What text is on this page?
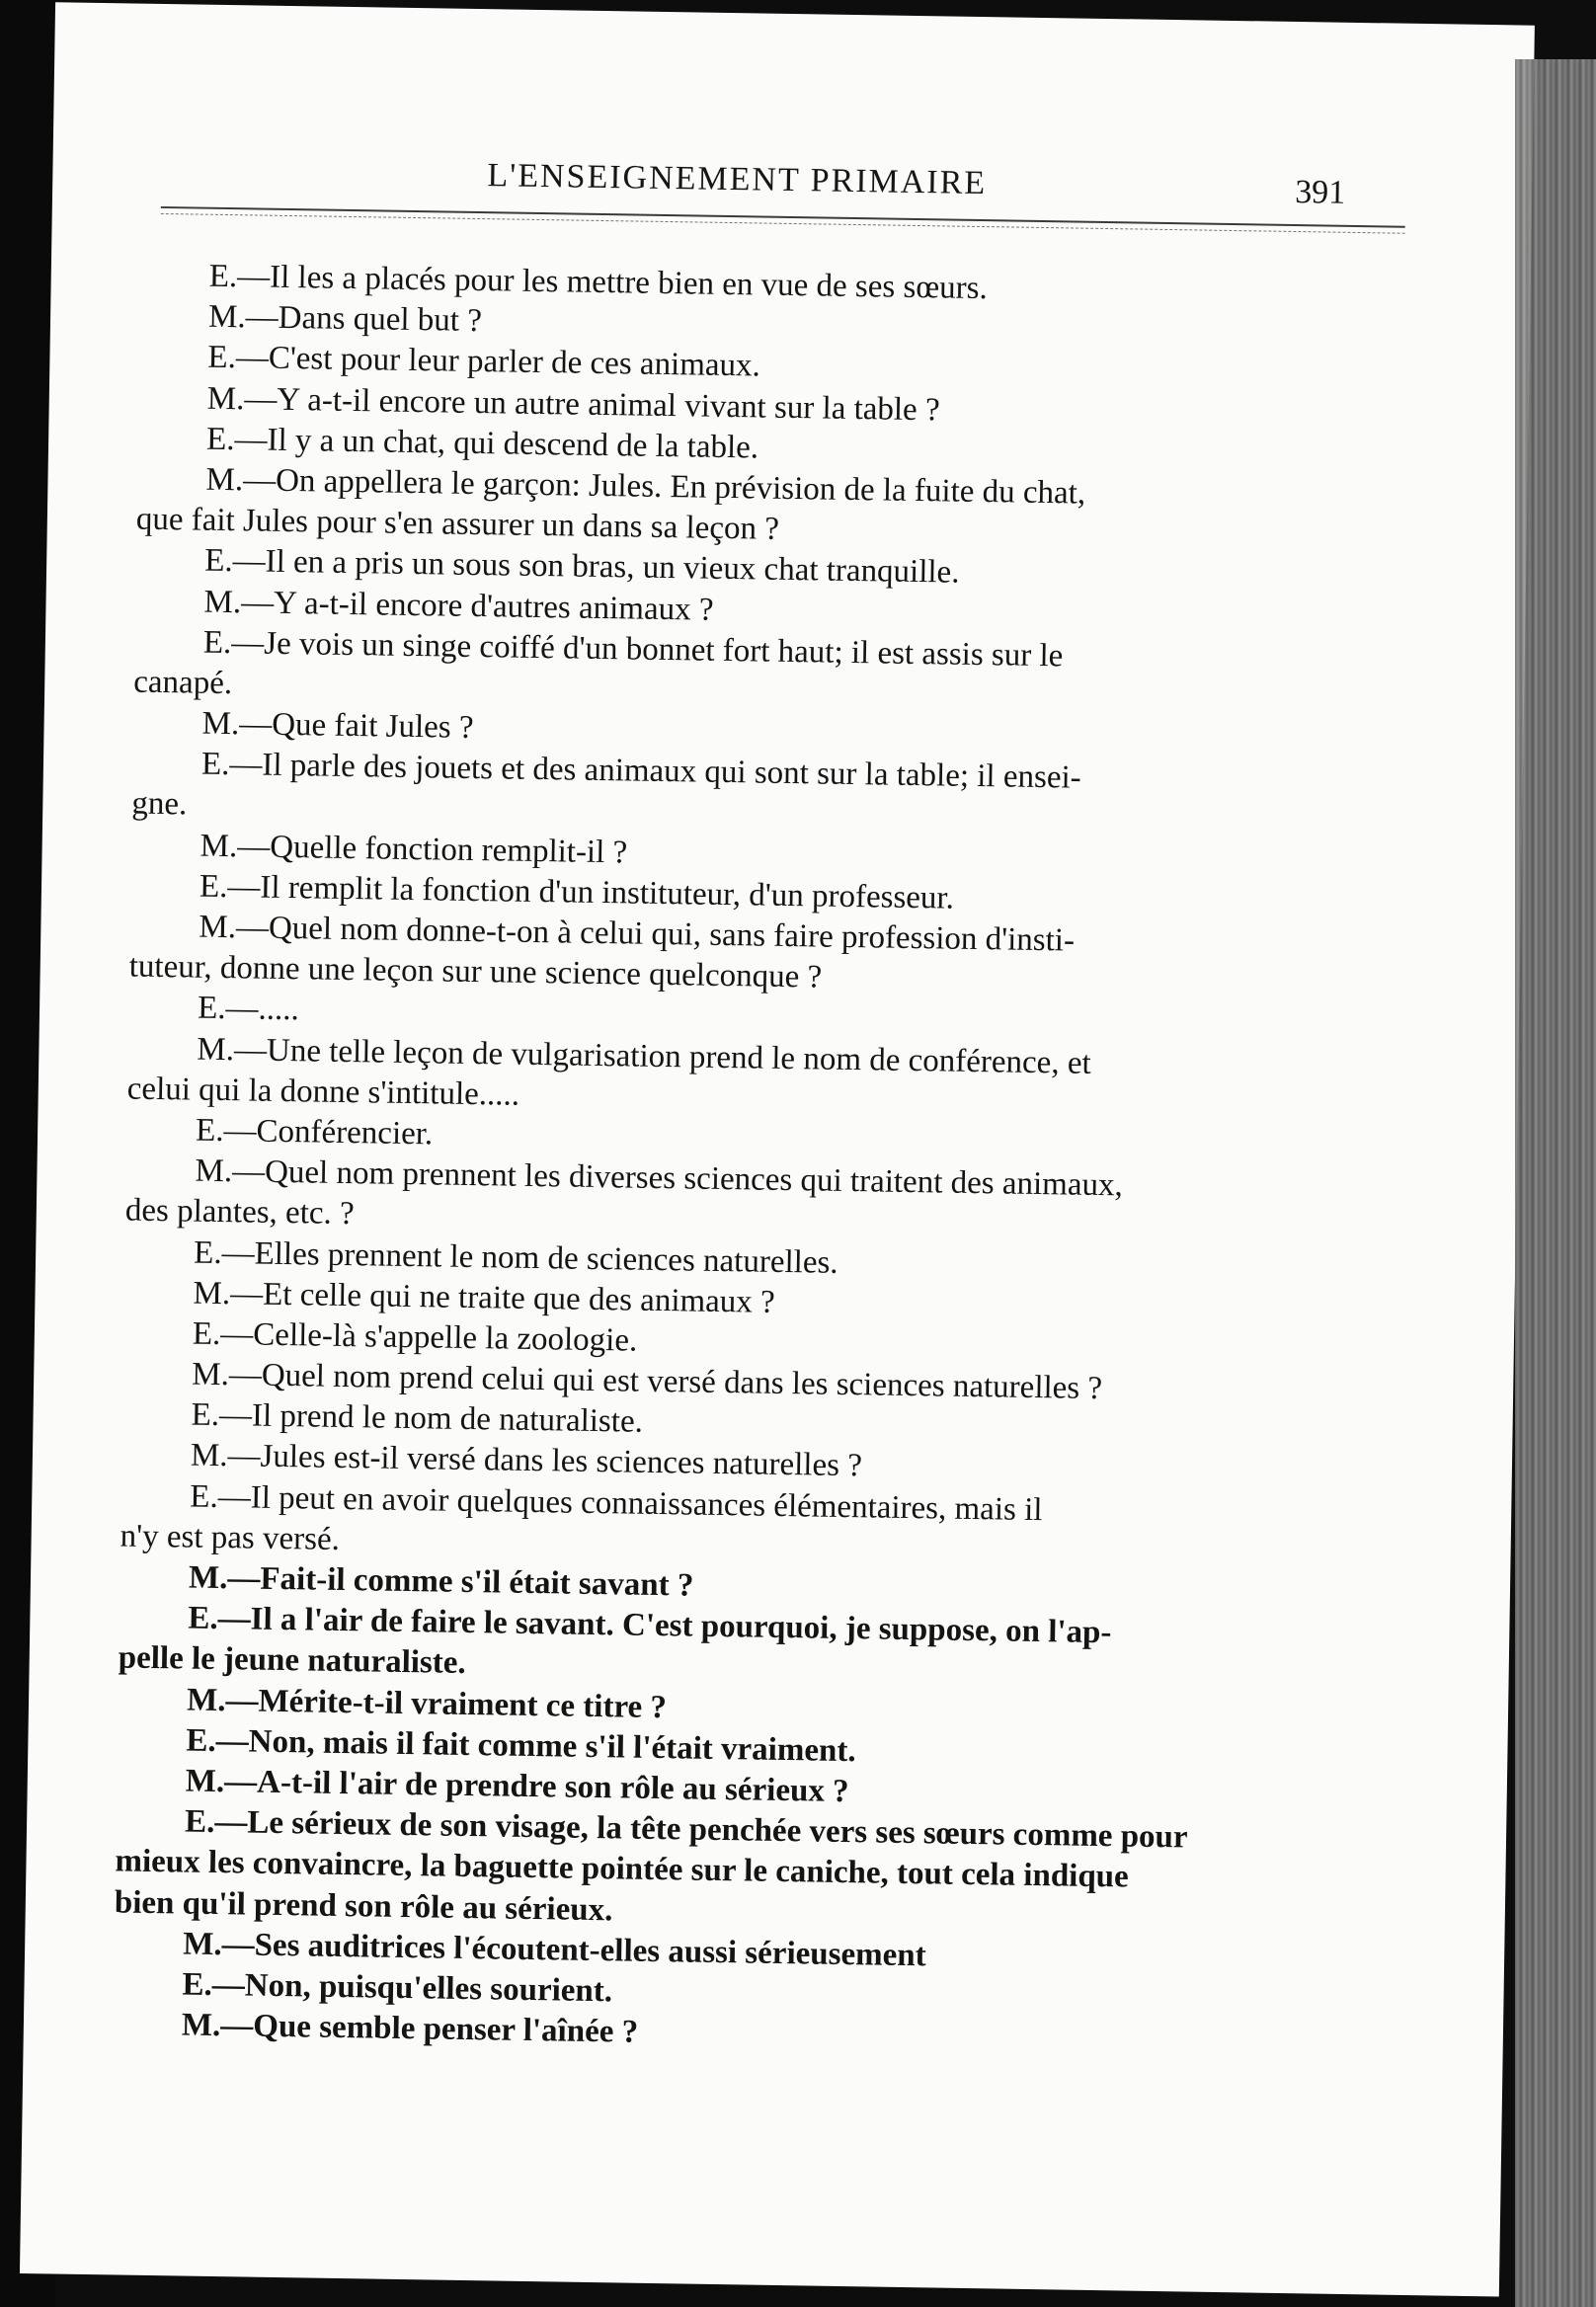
L'ENSEIGNEMENT PRIMAIRE	391
E.—Il les a placés pour les mettre bien en vue de ses sœurs.
M.—Dans quel but ?
E.—C'est pour leur parler de ces animaux.
M.—Y a-t-il encore un autre animal vivant sur la table ?
E.—Il y a un chat, qui descend de la table.
M.—On appellera le garçon: Jules. En prévision de la fuite du chat,
que fait Jules pour s'en assurer un dans sa leçon ?
E.—Il en a pris un sous son bras, un vieux chat tranquille.
M.—Y a-t-il encore d'autres animaux ?
E.—Je vois un singe coiffé d'un bonnet fort haut; il est assis sur le
canapé.
M.—Que fait Jules ?
E.—Il parle des jouets et des animaux qui sont sur la table; il ensei-
gne.
M.—Quelle fonction remplit-il ?
E.—Il remplit la fonction d'un instituteur, d'un professeur.
M.—Quel nom donne-t-on à celui qui, sans faire profession d'insti-
tuteur, donne une leçon sur une science quelconque ?
E.—.....
M.—Une telle leçon de vulgarisation prend le nom de conférence, et
celui qui la donne s'intitule.....
E.—Conférencier.
M.—Quel nom prennent les diverses sciences qui traitent des animaux,
des plantes, etc. ?
E.—Elles prennent le nom de sciences naturelles.
M.—Et celle qui ne traite que des animaux ?
E.—Celle-là s'appelle la zoologie.
M.—Quel nom prend celui qui est versé dans les sciences naturelles ?
E.—Il prend le nom de naturaliste.
M.—Jules est-il versé dans les sciences naturelles ?
E.—Il peut en avoir quelques connaissances élémentaires, mais il
n'y est pas versé.
M.—Fait-il comme s'il était savant ?
E.—Il a l'air de faire le savant. C'est pourquoi, je suppose, on l'ap-
pelle le jeune naturaliste.
M.—Mérite-t-il vraiment ce titre ?
E.—Non, mais il fait comme s'il l'était vraiment.
M.—A-t-il l'air de prendre son rôle au sérieux ?
E.—Le sérieux de son visage, la tête penchée vers ses sœurs comme pour
mieux les convaincre, la baguette pointée sur le caniche, tout cela indique
bien qu'il prend son rôle au sérieux.
M.—Ses auditrices l'écoutent-elles aussi sérieusement
E.—Non, puisqu'elles sourient.
M.—Que semble penser l'aînée ?
